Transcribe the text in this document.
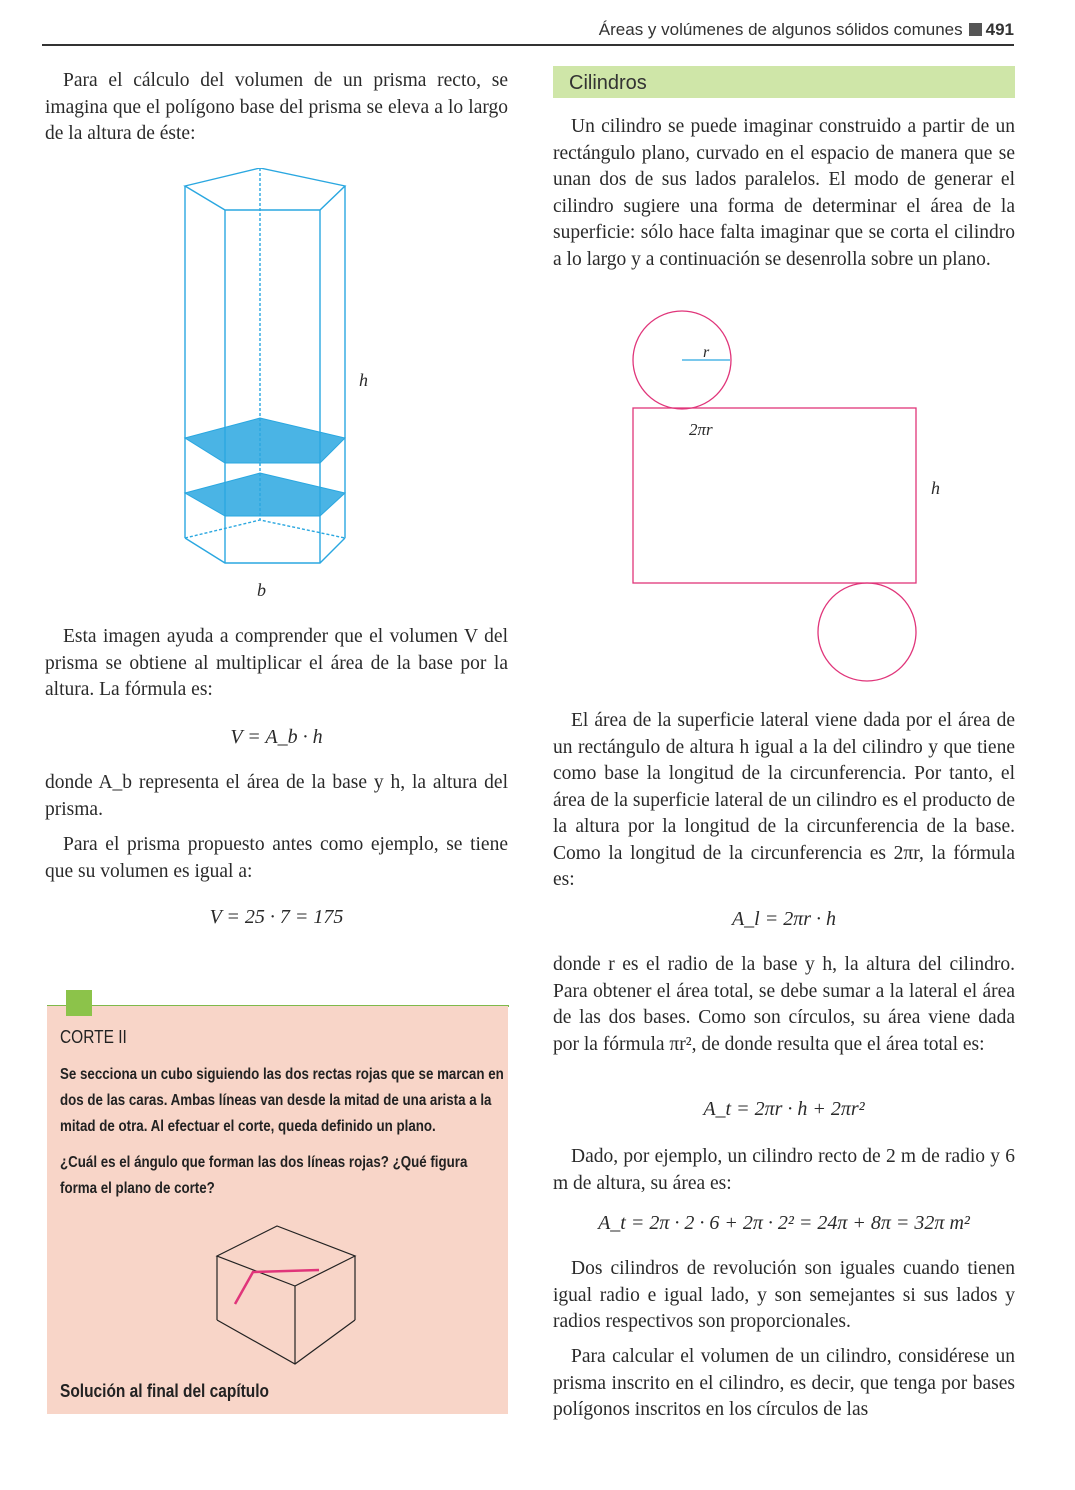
Áreas y volúmenes de algunos sólidos comunes 491

Para el cálculo del volumen de un prisma recto, se imagina que el polígono base del prisma se eleva a lo largo de la altura de éste:

h
b

Esta imagen ayuda a comprender que el volumen V del prisma se obtiene al multiplicar el área de la base por la altura. La fórmula es:

V = A_b · h

donde A_b representa el área de la base y h, la altura del prisma.

Para el prisma propuesto antes como ejemplo, se tiene que su volumen es igual a:

V = 25 · 7 = 175
CORTE II
Se secciona un cubo siguiendo las dos rectas rojas que se marcan en dos de las caras. Ambas líneas van desde la mitad de una arista a la mitad de otra. Al efectuar el corte, queda definido un plano.
¿Cuál es el ángulo que forman las dos líneas rojas? ¿Qué figura forma el plano de corte?
Solución al final del capítulo
Cilindros

Un cilindro se puede imaginar construido a partir de un rectángulo plano, curvado en el espacio de manera que se unan dos de sus lados paralelos. El modo de generar el cilindro sugiere una forma de determinar el área de la superficie: sólo hace falta imaginar que se corta el cilindro a lo largo y a continuación se desenrolla sobre un plano.

r
2πr
h

El área de la superficie lateral viene dada por el área de un rectángulo de altura h igual a la del cilindro y que tiene como base la longitud de la circunferencia. Por tanto, el área de la superficie lateral de un cilindro es el producto de la altura por la longitud de la circunferencia de la base. Como la longitud de la circunferencia es 2πr, la fórmula es:

A_l = 2πr · h

donde r es el radio de la base y h, la altura del cilindro. Para obtener el área total, se debe sumar a la lateral el área de las dos bases. Como son círculos, su área viene dada por la fórmula πr², de donde resulta que el área total es:

A_t = 2πr · h + 2πr²

Dado, por ejemplo, un cilindro recto de 2 m de radio y 6 m de altura, su área es:

A_t = 2π · 2 · 6 + 2π · 2² = 24π + 8π = 32π m²

Dos cilindros de revolución son iguales cuando tienen igual radio e igual lado, y son semejantes si sus lados y radios respectivos son proporcionales.

Para calcular el volumen de un cilindro, considérese un prisma inscrito en el cilindro, es decir, que tenga por bases polígonos inscritos en los círculos de las
